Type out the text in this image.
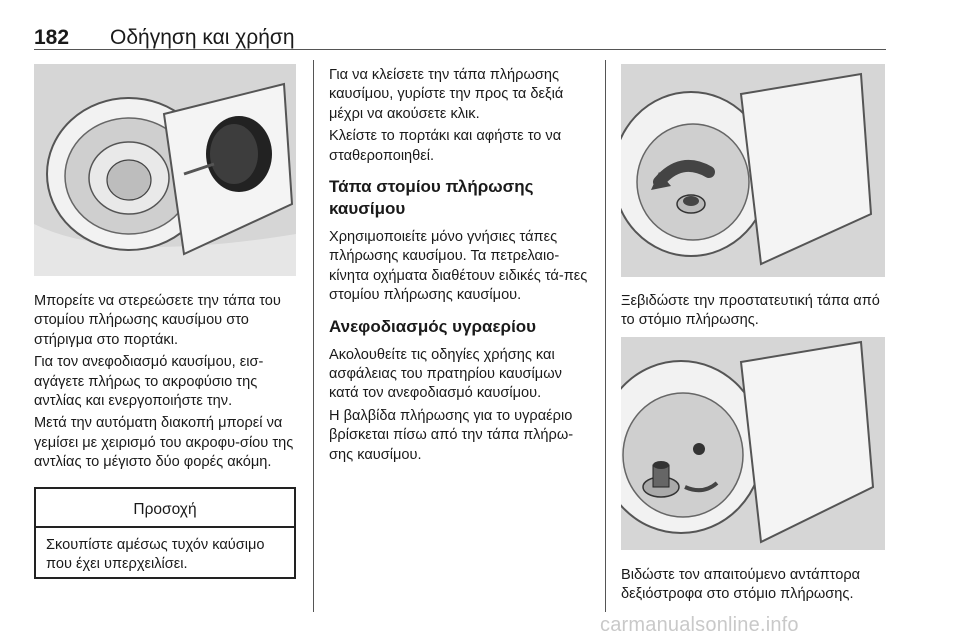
182 Οδήγηση και χρήση

Μπορείτε να στερεώσετε την τάπα του στομίου πλήρωσης καυσίμου στο στήριγμα στο πορτάκι.

Για τον ανεφοδιασμό καυσίμου, εισ-αγάγετε πλήρως το ακροφύσιο της αντλίας και ενεργοποιήστε την.

Μετά την αυτόματη διακοπή μπορεί να γεμίσει με χειρισμό του ακροφυ-σίου της αντλίας το μέγιστο δύο φορές ακόμη.

Προσοχή
Σκουπίστε αμέσως τυχόν καύσιμο που έχει υπερχειλίσει.

Για να κλείσετε την τάπα πλήρωσης καυσίμου, γυρίστε την προς τα δεξιά μέχρι να ακούσετε κλικ.

Κλείστε το πορτάκι και αφήστε το να σταθεροποιηθεί.

Τάπα στομίου πλήρωσης καυσίμου

Χρησιμοποιείτε μόνο γνήσιες τάπες πλήρωσης καυσίμου. Τα πετρελαιο-κίνητα οχήματα διαθέτουν ειδικές τά-πες στομίου πλήρωσης καυσίμου.

Ανεφοδιασμός υγραερίου

Ακολουθείτε τις οδηγίες χρήσης και ασφάλειας του πρατηρίου καυσίμων κατά τον ανεφοδιασμό καυσίμου.

Η βαλβίδα πλήρωσης για το υγραέριο βρίσκεται πίσω από την τάπα πλήρω-σης καυσίμου.

Ξεβιδώστε την προστατευτική τάπα από το στόμιο πλήρωσης.

Βιδώστε τον απαιτούμενο αντάπτορα δεξιόστροφα στο στόμιο πλήρωσης.

carmanualsonline.info
